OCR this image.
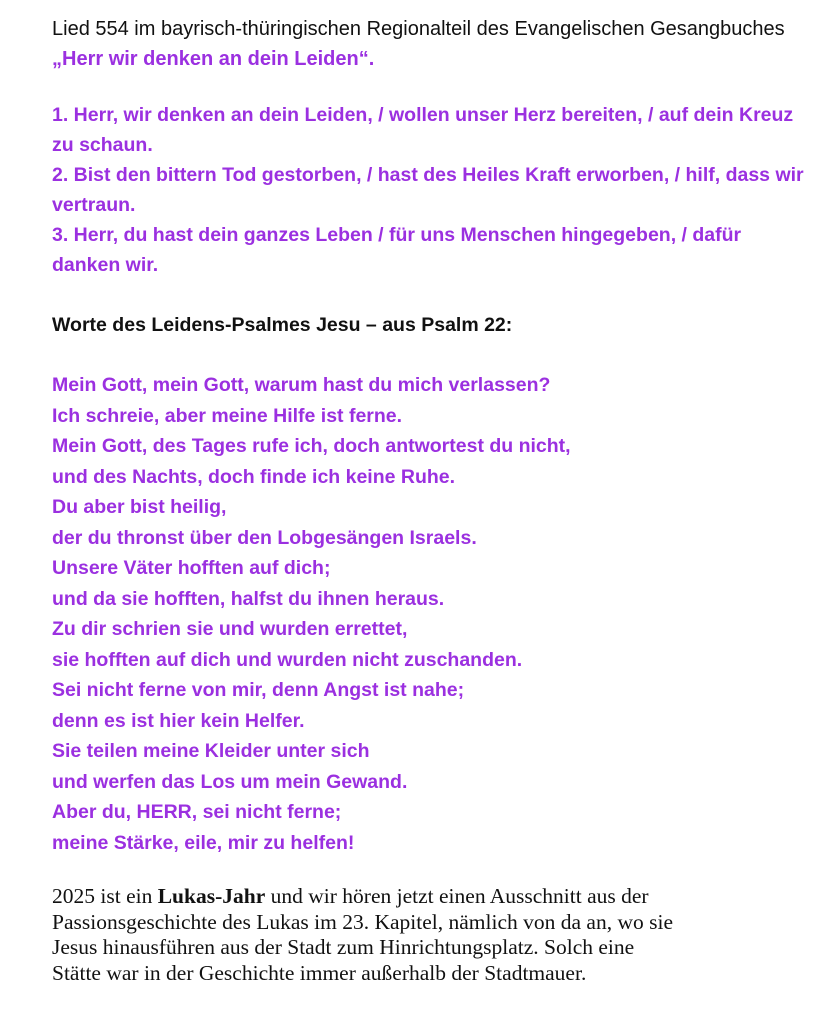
Lied 554 im bayrisch-thüringischen Regionalteil des Evangelischen Gesangbuches „Herr wir denken an dein Leiden“.

1. Herr, wir denken an dein Leiden, / wollen unser Herz bereiten, / auf dein Kreuz zu schaun.

2. Bist den bittern Tod gestorben, / hast des Heiles Kraft erworben, / hilf, dass wir vertraun.

3. Herr, du hast dein ganzes Leben / für uns Menschen hingegeben, / dafür danken wir.

Worte des Leidens-Psalmes Jesu – aus Psalm 22:

Mein Gott, mein Gott, warum hast du mich verlassen?

Ich schreie, aber meine Hilfe ist ferne.

Mein Gott, des Tages rufe ich, doch antwortest du nicht,

und des Nachts, doch finde ich keine Ruhe.

Du aber bist heilig,

der du thronst über den Lobgesängen Israels.

Unsere Väter hofften auf dich;

und da sie hofften, halfst du ihnen heraus.

Zu dir schrien sie und wurden errettet,

sie hofften auf dich und wurden nicht zuschanden.

Sei nicht ferne von mir, denn Angst ist nahe;

denn es ist hier kein Helfer.

Sie teilen meine Kleider unter sich

und werfen das Los um mein Gewand.

Aber du, HERR, sei nicht ferne;

meine Stärke, eile, mir zu helfen!

2025 ist ein Lukas-Jahr und wir hören jetzt einen Ausschnitt aus der

Passionsgeschichte des Lukas im 23. Kapitel, nämlich von da an, wo sie

Jesus hinausführen aus der Stadt zum Hinrichtungsplatz. Solch eine

Stätte war in der Geschichte immer außerhalb der Stadtmauer.
